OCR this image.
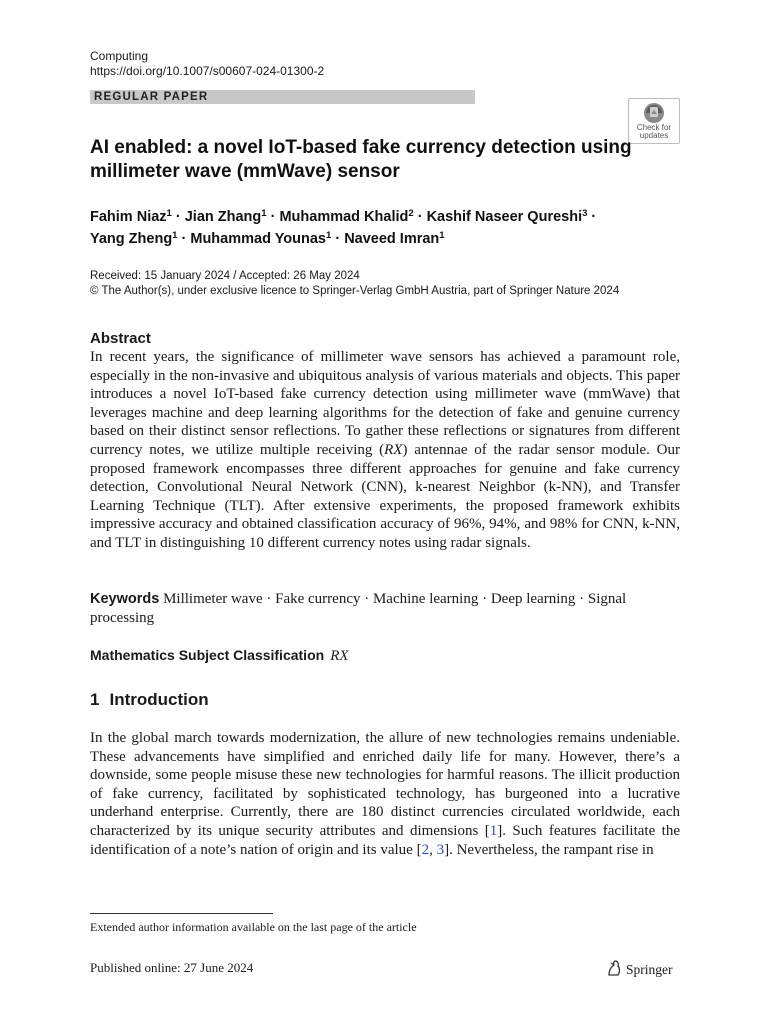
Computing
https://doi.org/10.1007/s00607-024-01300-2
REGULAR PAPER
Check for updates
AI enabled: a novel IoT-based fake currency detection using millimeter wave (mmWave) sensor
Fahim Niaz$^1$ · Jian Zhang$^1$ · Muhammad Khalid$^2$ · Kashif Naseer Qureshi$^3$ ·
Yang Zheng$^1$ · Muhammad Younas$^1$ · Naveed Imran$^1$
Received: 15 January 2024 / Accepted: 26 May 2024
© The Author(s), under exclusive licence to Springer-Verlag GmbH Austria, part of Springer Nature 2024
Abstract
In recent years, the significance of millimeter wave sensors has achieved a paramount role, especially in the non-invasive and ubiquitous analysis of various materials and objects. This paper introduces a novel IoT-based fake currency detection using millimeter wave (mmWave) that leverages machine and deep learning algorithms for the detection of fake and genuine currency based on their distinct sensor reflections. To gather these reflections or signatures from different currency notes, we utilize multiple receiving (RX) antennae of the radar sensor module. Our proposed framework encompasses three different approaches for genuine and fake currency detection, Convolutional Neural Network (CNN), k-nearest Neighbor (k-NN), and Transfer Learning Technique (TLT). After extensive experiments, the proposed framework exhibits impressive accuracy and obtained classification accuracy of 96%, 94%, and 98% for CNN, k-NN, and TLT in distinguishing 10 different currency notes using radar signals.
Keywords Millimeter wave · Fake currency · Machine learning · Deep learning · Signal processing
Mathematics Subject Classification RX
1 Introduction
In the global march towards modernization, the allure of new technologies remains undeniable. These advancements have simplified and enriched daily life for many. However, there’s a downside, some people misuse these new technologies for harmful reasons. The illicit production of fake currency, facilitated by sophisticated technology, has burgeoned into a lucrative underhand enterprise. Currently, there are 180 distinct currencies circulated worldwide, each characterized by its unique security attributes and dimensions [1]. Such features facilitate the identification of a note’s nation of origin and its value [2, 3]. Nevertheless, the rampant rise in
Extended author information available on the last page of the article
Published online: 27 June 2024	Springer
